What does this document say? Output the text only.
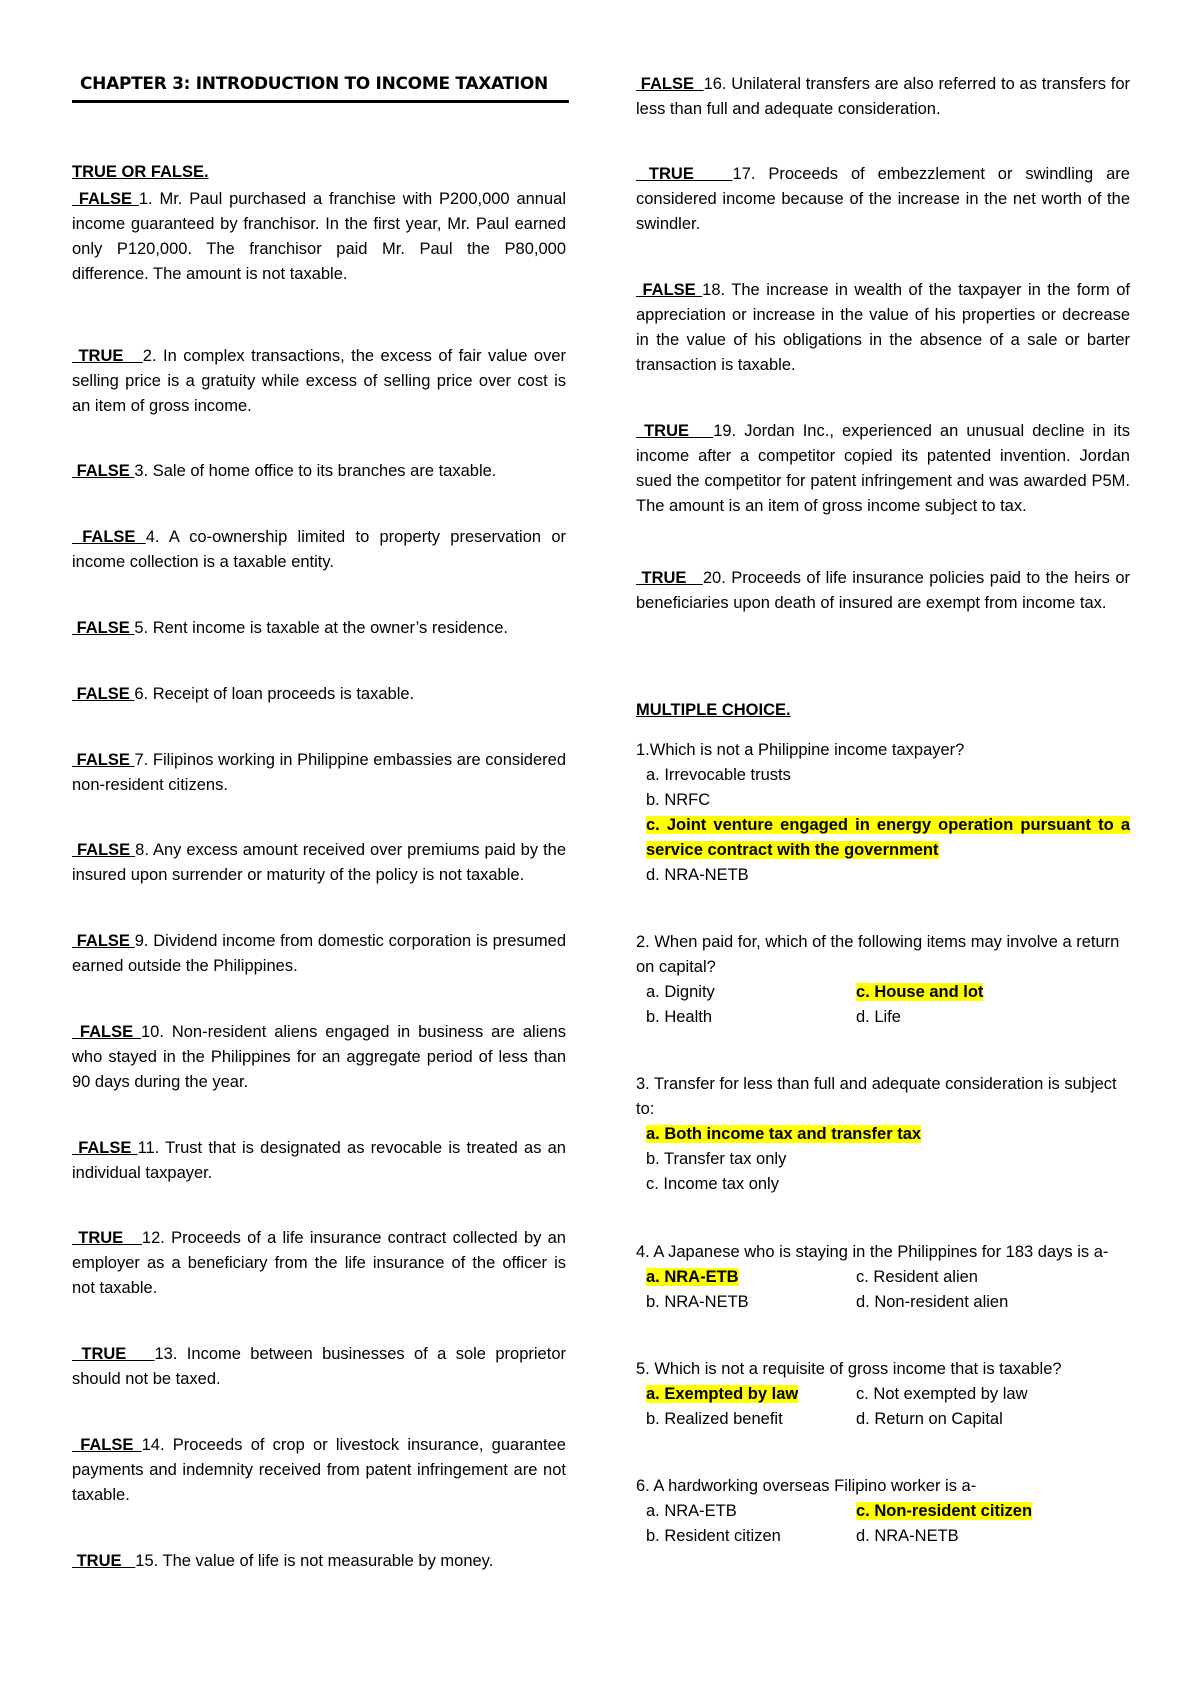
CHAPTER 3: INTRODUCTION TO INCOME TAXATION
TRUE OR FALSE.
FALSE 1. Mr. Paul purchased a franchise with P200,000 annual income guaranteed by franchisor. In the first year, Mr. Paul earned only P120,000. The franchisor paid Mr. Paul the P80,000 difference. The amount is not taxable.
TRUE 2. In complex transactions, the excess of fair value over selling price is a gratuity while excess of selling price over cost is an item of gross income.
FALSE 3. Sale of home office to its branches are taxable.
FALSE 4. A co-ownership limited to property preservation or income collection is a taxable entity.
FALSE 5. Rent income is taxable at the owner’s residence.
FALSE 6. Receipt of loan proceeds is taxable.
FALSE 7. Filipinos working in Philippine embassies are considered non-resident citizens.
FALSE 8. Any excess amount received over premiums paid by the insured upon surrender or maturity of the policy is not taxable.
FALSE 9. Dividend income from domestic corporation is presumed earned outside the Philippines.
FALSE 10. Non-resident aliens engaged in business are aliens who stayed in the Philippines for an aggregate period of less than 90 days during the year.
FALSE 11. Trust that is designated as revocable is treated as an individual taxpayer.
TRUE 12. Proceeds of a life insurance contract collected by an employer as a beneficiary from the life insurance of the officer is not taxable.
TRUE 13. Income between businesses of a sole proprietor should not be taxed.
FALSE 14. Proceeds of crop or livestock insurance, guarantee payments and indemnity received from patent infringement are not taxable.
TRUE 15. The value of life is not measurable by money.
FALSE 16. Unilateral transfers are also referred to as transfers for less than full and adequate consideration.
TRUE 17. Proceeds of embezzlement or swindling are considered income because of the increase in the net worth of the swindler.
FALSE 18. The increase in wealth of the taxpayer in the form of appreciation or increase in the value of his properties or decrease in the value of his obligations in the absence of a sale or barter transaction is taxable.
TRUE 19. Jordan Inc., experienced an unusual decline in its income after a competitor copied its patented invention. Jordan sued the competitor for patent infringement and was awarded P5M. The amount is an item of gross income subject to tax.
TRUE 20. Proceeds of life insurance policies paid to the heirs or beneficiaries upon death of insured are exempt from income tax.
MULTIPLE CHOICE.
1.Which is not a Philippine income taxpayer?
a. Irrevocable trusts
b. NRFC
c. Joint venture engaged in energy operation pursuant to a service contract with the government
d. NRA-NETB
2. When paid for, which of the following items may involve a return on capital?
a. Dignity	c. House and lot
b. Health	d. Life
3. Transfer for less than full and adequate consideration is subject to:
a. Both income tax and transfer tax
b. Transfer tax only
c. Income tax only
4. A Japanese who is staying in the Philippines for 183 days is a-
a. NRA-ETB	c. Resident alien
b. NRA-NETB	d. Non-resident alien
5. Which is not a requisite of gross income that is taxable?
a. Exempted by law	c. Not exempted by law
b. Realized benefit	d. Return on Capital
6. A hardworking overseas Filipino worker is a-
a. NRA-ETB	c. Non-resident citizen
b. Resident citizen	d. NRA-NETB
